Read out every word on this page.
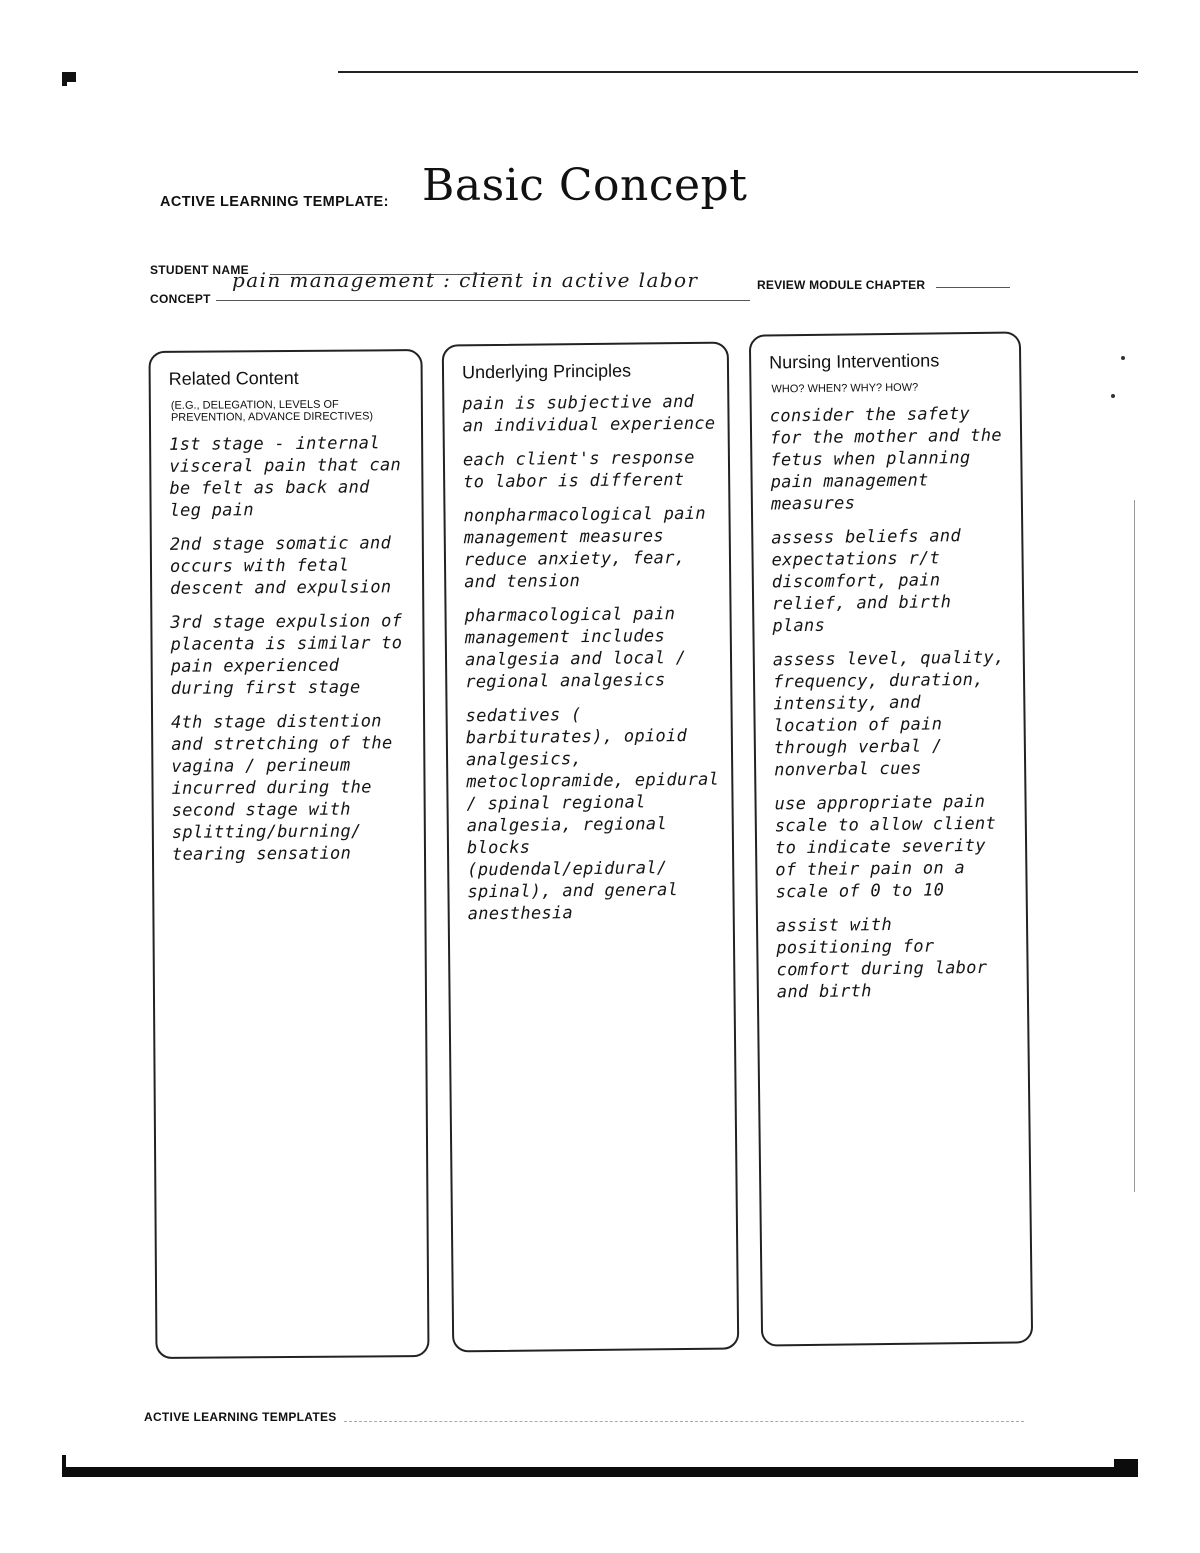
ACTIVE LEARNING TEMPLATE: Basic Concept
STUDENT NAME
CONCEPT
pain management : client in active labor	REVIEW MODULE CHAPTER
Related Content
(E.G., DELEGATION, LEVELS OF PREVENTION, ADVANCE DIRECTIVES)
1st stage - internal visceral pain that can be felt as back and leg pain
2nd stage somatic and occurs with fetal descent and expulsion
3rd stage expulsion of placenta is similar to pain experienced during first stage
4th stage distention and stretching of the vagina / perineum incurred during the second stage with splitting/burning/ tearing sensation
Underlying Principles
pain is subjective and an individual experience
each client's response to labor is different
nonpharmacological pain management measures reduce anxiety, fear, and tension
pharmacological pain management includes analgesia and local / regional analgesics
sedatives ( barbiturates), opioid analgesics, metoclopramide, epidural / spinal regional analgesia, regional blocks (pudendal/epidural/ spinal), and general anesthesia
Nursing Interventions
WHO? WHEN? WHY? HOW?
consider the safety for the mother and the fetus when planning pain management measures
assess beliefs and expectations r/t discomfort, pain relief, and birth plans
assess level, quality, frequency, duration, intensity, and location of pain through verbal / nonverbal cues
use appropriate pain scale to allow client to indicate severity of their pain on a scale of 0 to 10
assist with positioning for comfort during labor and birth
ACTIVE LEARNING TEMPLATES
